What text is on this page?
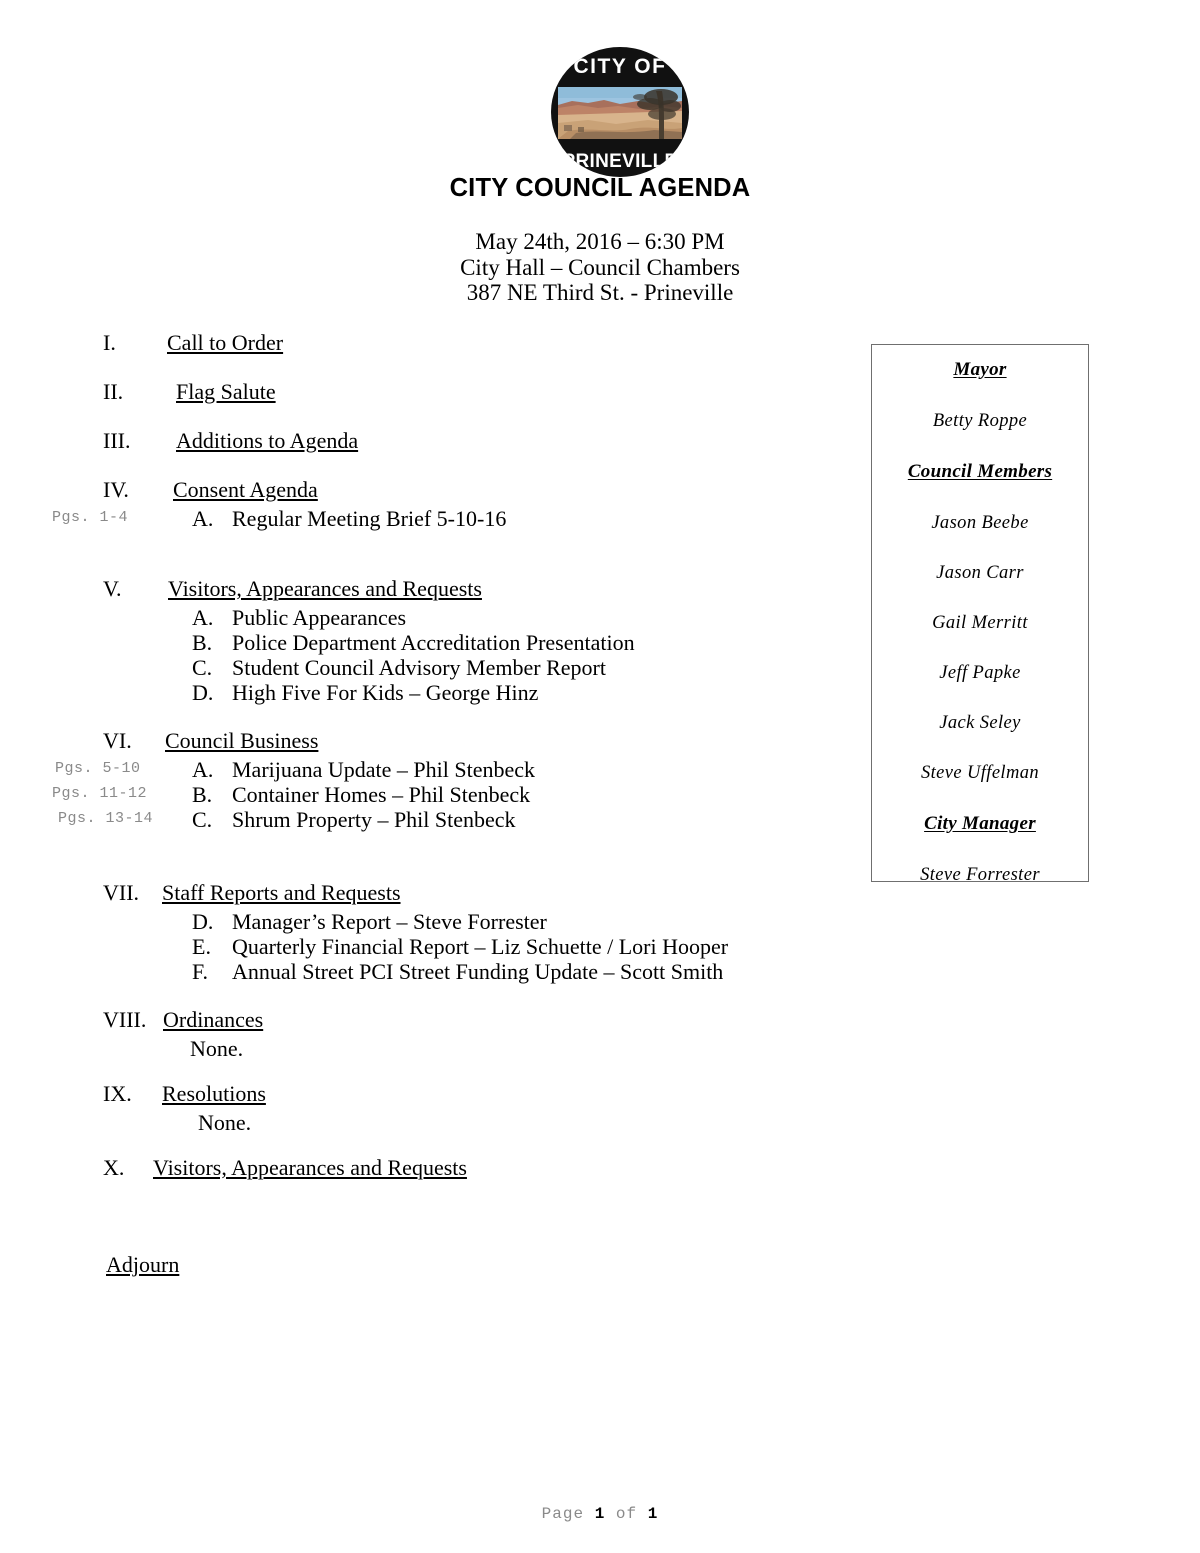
CITY OF
PRINEVILLE
CITY COUNCIL AGENDA
May 24th, 2016 – 6:30 PM
City Hall – Council Chambers
387 NE Third St. - Prineville
I.	Call to Order
II.	Flag Salute
III.	Additions to Agenda
IV.	Consent Agenda
Pgs. 1-4	A. Regular Meeting Brief 5-10-16
V.	Visitors, Appearances and Requests
A. Public Appearances
B. Police Department Accreditation Presentation
C. Student Council Advisory Member Report
D. High Five For Kids – George Hinz
VI.	Council Business
Pgs. 5-10 A. Marijuana Update – Phil Stenbeck
Pgs. 11-12 B. Container Homes – Phil Stenbeck
Pgs. 13-14 C. Shrum Property – Phil Stenbeck
VII.	Staff Reports and Requests
D. Manager’s Report – Steve Forrester
E. Quarterly Financial Report – Liz Schuette / Lori Hooper
F.	Annual Street PCI Street Funding Update – Scott Smith
VIII. Ordinances
None.
IX.	Resolutions
None.
X.	Visitors, Appearances and Requests
Adjourn
Mayor
Betty Roppe
Council Members
Jason Beebe
Jason Carr
Gail Merritt
Jeff Papke
Jack Seley
Steve Uffelman
City Manager
Steve Forrester
Page 1 of 1
